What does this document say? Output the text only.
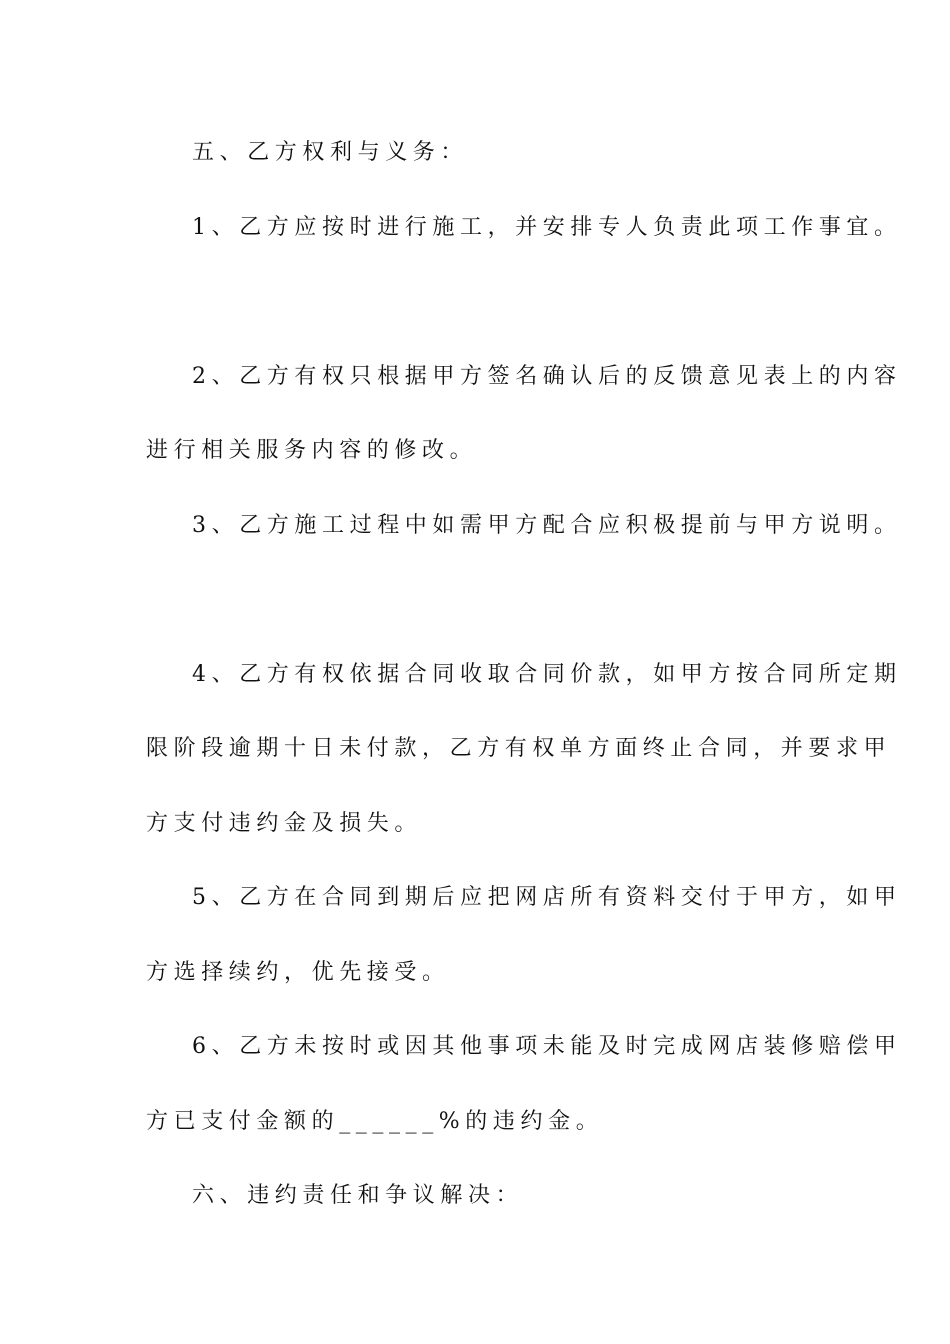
五、乙方权利与义务：
1、乙方应按时进行施工，并安排专人负责此项工作事宜。
2、乙方有权只根据甲方签名确认后的反馈意见表上的内容
进行相关服务内容的修改。
3、乙方施工过程中如需甲方配合应积极提前与甲方说明。
4、乙方有权依据合同收取合同价款，如甲方按合同所定期
限阶段逾期十日未付款，乙方有权单方面终止合同，并要求甲
方支付违约金及损失。
5、乙方在合同到期后应把网店所有资料交付于甲方，如甲
方选择续约，优先接受。
6、乙方未按时或因其他事项未能及时完成网店装修赔偿甲
方已支付金额的______%的违约金。
六、违约责任和争议解决：
